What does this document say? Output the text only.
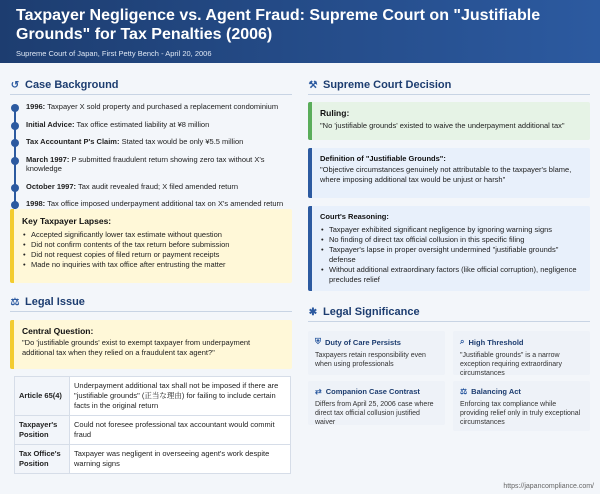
Taxpayer Negligence vs. Agent Fraud: Supreme Court on "Justifiable Grounds" for Tax Penalties (2006)
Supreme Court of Japan, First Petty Bench - April 20, 2006
↺ Case Background
1996: Taxpayer X sold property and purchased a replacement condominium
Initial Advice: Tax office estimated liability at ¥8 million
Tax Accountant P's Claim: Stated tax would be only ¥5.5 million
March 1997: P submitted fraudulent return showing zero tax without X's knowledge
October 1997: Tax audit revealed fraud; X filed amended return
1998: Tax office imposed underpayment additional tax on X's amended return
Key Taxpayer Lapses:
• Accepted significantly lower tax estimate without question
• Did not confirm contents of the tax return before submission
• Did not request copies of filed return or payment receipts
• Made no inquiries with tax office after entrusting the matter
⚖ Legal Issue
Central Question:
"Do 'justifiable grounds' exist to exempt taxpayer from underpayment additional tax when they relied on a fraudulent tax agent?"
Article 65(4)	Underpayment additional tax shall not be imposed if there are "justifiable grounds" (正当な理由) for failing to include certain facts in the original return
Taxpayer's Position	Could not foresee professional tax accountant would commit fraud
Tax Office's Position	Taxpayer was negligent in overseeing agent's work despite warning signs
⚒ Supreme Court Decision
Ruling:
"No 'justifiable grounds' existed to waive the underpayment additional tax"
Definition of "Justifiable Grounds":
"Objective circumstances genuinely not attributable to the taxpayer's blame, where imposing additional tax would be unjust or harsh"
Court's Reasoning:
• Taxpayer exhibited significant negligence by ignoring warning signs
• No finding of direct tax official collusion in this specific filing
• Taxpayer's lapse in proper oversight undermined "justifiable grounds" defense
• Without additional extraordinary factors (like official corruption), negligence precludes relief
✱ Legal Significance
⛨ Duty of Care Persists
Taxpayers retain responsibility even when using professionals
⌕ High Threshold
"Justifiable grounds" is a narrow exception requiring extraordinary circumstances
⇄ Companion Case Contrast
Differs from April 25, 2006 case where direct tax official collusion justified waiver
⚖ Balancing Act
Enforcing tax compliance while providing relief only in truly exceptional circumstances
https://japancompliance.com/
